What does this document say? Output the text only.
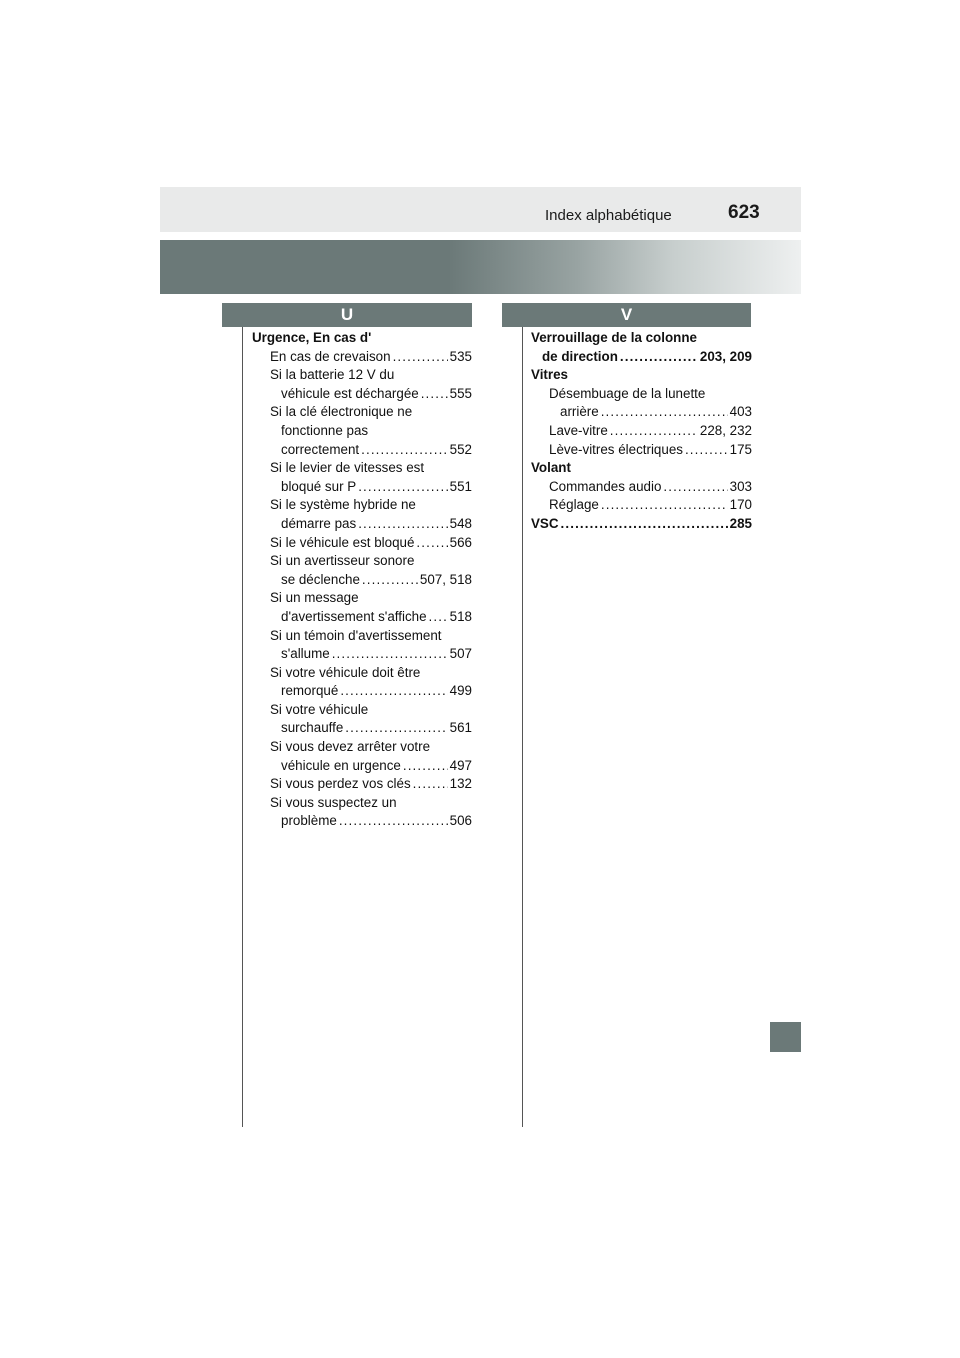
Index alphabétique	623
U	V
Urgence, En cas d'
En cas de crevaison . . .	535
Si la batterie 12 V du
véhicule est déchargée . . . 555
Si la clé électronique ne
fonctionne pas
correctement . . .	552
Si le levier de vitesses est
bloqué sur P . . .	551
Si le système hybride ne
démarre pas . . .	548
Si le véhicule est bloqué . . .	566
Si un avertisseur sonore
se déclenche . . .	507, 518
Si un message
d'avertissement s'affiche . . . 518
Si un témoin d'avertissement
s'allume . . .	507
Si votre véhicule doit être
remorqué . . .	499
Si votre véhicule
surchauffe . . .	561
Si vous devez arrêter votre
véhicule en urgence . . .	497
Si vous perdez vos clés . . .	132
Si vous suspectez un
problème . . .	506
Verrouillage de la colonne
de direction . . .	203, 209
Vitres
Désembuage de la lunette
arrière . . .	403
Lave-vitre . . .	228, 232
Lève-vitres électriques . . .	175
Volant
Commandes audio . . .	303
Réglage . . .	170
VSC . . .	285
